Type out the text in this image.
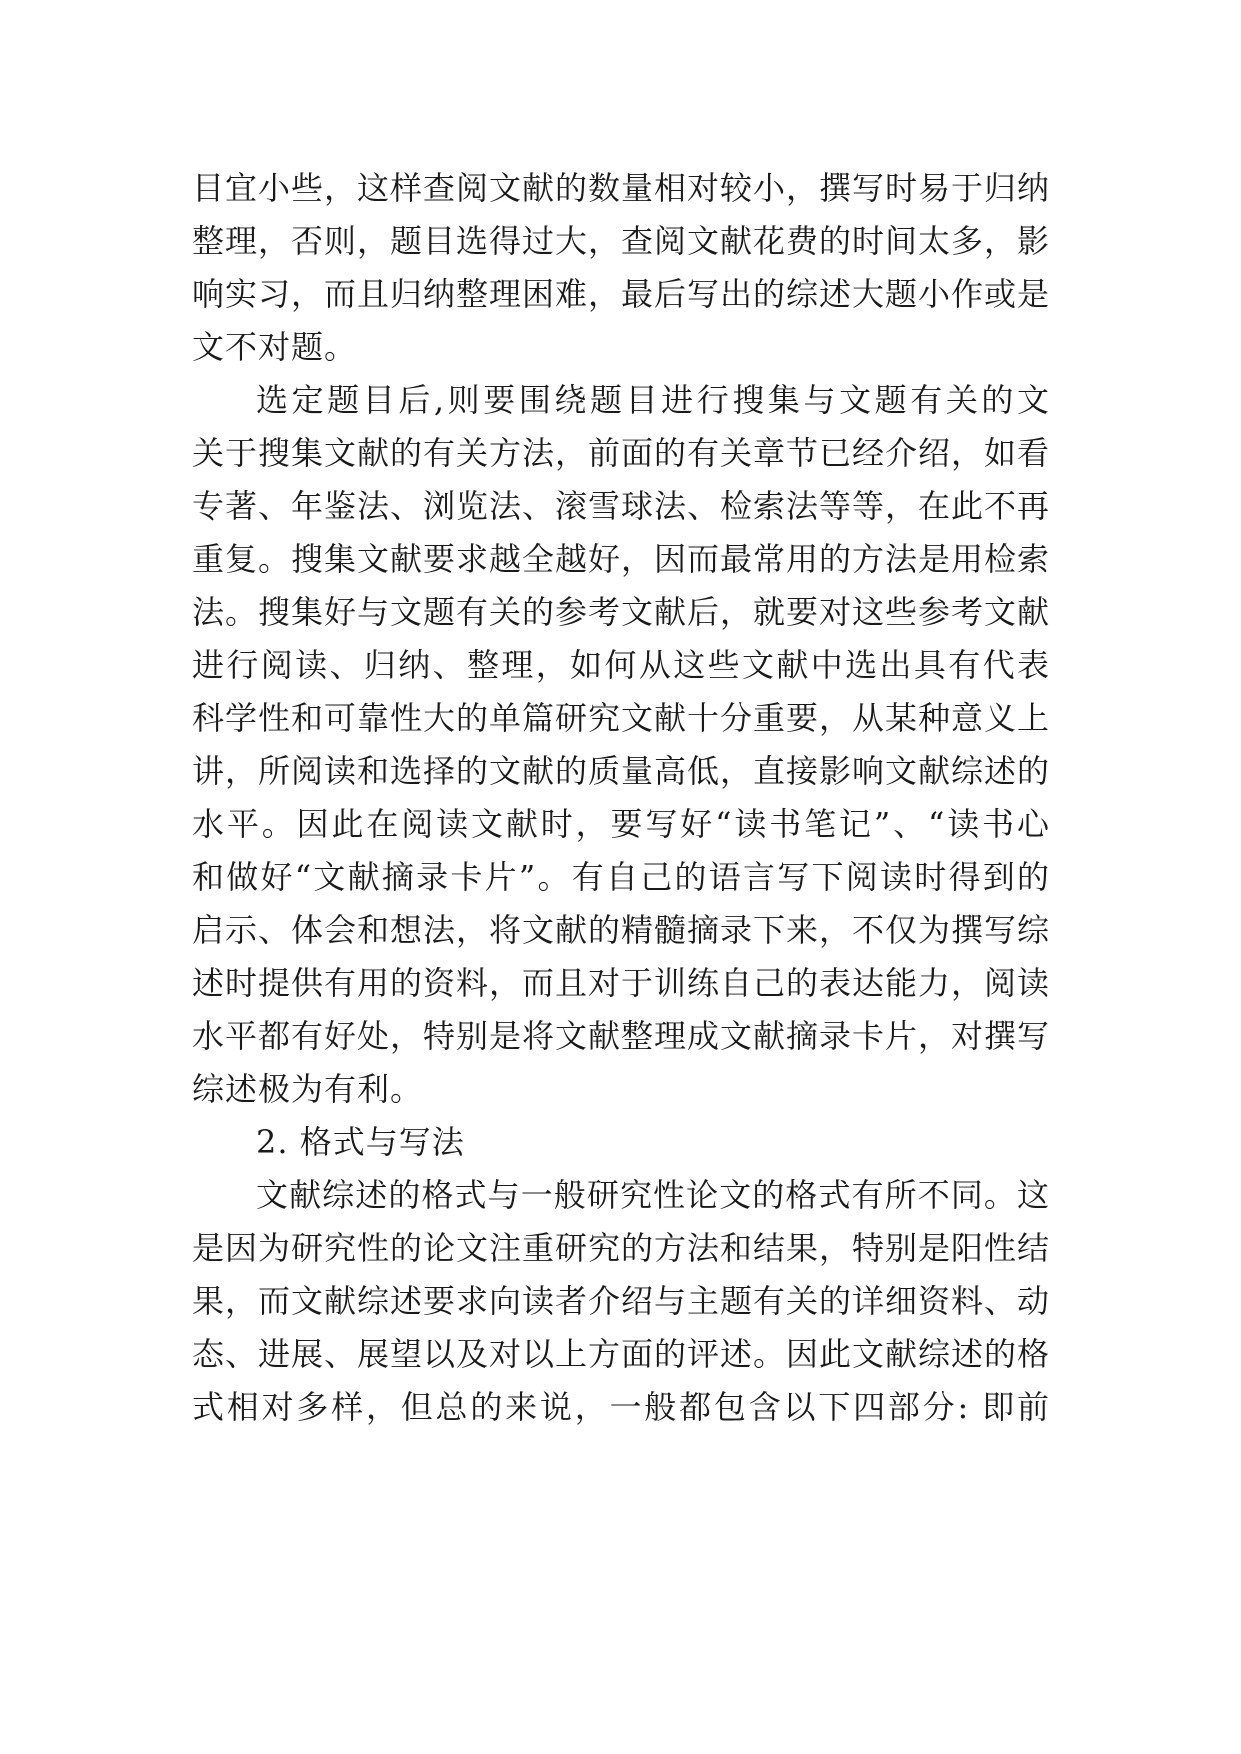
目宜小些，这样查阅文献的数量相对较小，撰写时易于归纳
整理，否则，题目选得过大，查阅文献花费的时间太多，影
响实习，而且归纳整理困难，最后写出的综述大题小作或是
文不对题。
选定题目后,则要围绕题目进行搜集与文题有关的文
关于搜集文献的有关方法，前面的有关章节已经介绍，如看
专著、年鉴法、浏览法、滚雪球法、检索法等等，在此不再
重复。搜集文献要求越全越好，因而最常用的方法是用检索
法。搜集好与文题有关的参考文献后，就要对这些参考文献
进行阅读、归纳、整理，如何从这些文献中选出具有代表
科学性和可靠性大的单篇研究文献十分重要，从某种意义上
讲，所阅读和选择的文献的质量高低，直接影响文献综述的
水平。因此在阅读文献时，要写好“读书笔记”、“读书心
和做好“文献摘录卡片”。有自己的语言写下阅读时得到的
启示、体会和想法，将文献的精髓摘录下来，不仅为撰写综
述时提供有用的资料，而且对于训练自己的表达能力，阅读
水平都有好处，特别是将文献整理成文献摘录卡片，对撰写
综述极为有利。
2. 格式与写法
文献综述的格式与一般研究性论文的格式有所不同。这
是因为研究性的论文注重研究的方法和结果，特别是阳性结
果，而文献综述要求向读者介绍与主题有关的详细资料、动
态、进展、展望以及对以上方面的评述。因此文献综述的格
式相对多样，但总的来说，一般都包含以下四部分: 即前
